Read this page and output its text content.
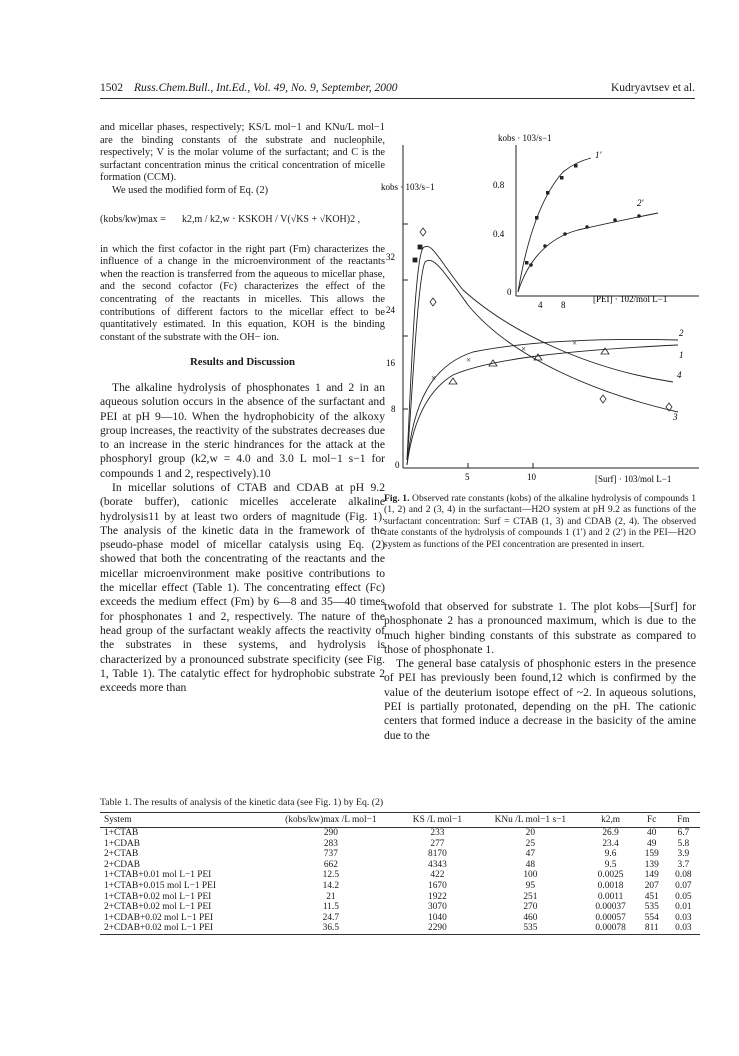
1502 Russ.Chem.Bull., Int.Ed., Vol. 49, No. 9, September, 2000	Kudryavtsev et al.

and micellar phases, respectively; KS/L mol−1 and KNu/L mol−1 are the binding constants of the substrate and nucleophile, respectively; V is the molar volume of the surfactant; and C is the surfactant concentration minus the critical concentration of micelle formation (CCM).

We used the modified form of Eq. (2)

(kobs/kw)max = k2,m / k2,w · KSKOH / V(√KS + √KOH)2 ,

in which the first cofactor in the right part (Fm) characterizes the influence of a change in the microenvironment of the reactants when the reaction is transferred from the aqueous to micellar phase, and the second cofactor (Fc) characterizes the effect of the concentrating of the reactants in micelles. This allows the contributions of different factors to the micellar effect to be quantitatively estimated. In this equation, KOH is the binding constant of the substrate with the OH− ion.

Results and Discussion

The alkaline hydrolysis of phosphonates 1 and 2 in an aqueous solution occurs in the absence of the surfactant and PEI at pH 9—10. When the hydrophobicity of the alkoxy group increases, the reactivity of the substrates decreases due to an increase in the steric hindrances for the attack at the phosphoryl group (k2,w = 4.0 and 3.0 L mol−1 s−1 for compounds 1 and 2, respectively).10

In micellar solutions of CTAB and CDAB at pH 9.2 (borate buffer), cationic micelles accelerate alkaline hydrolysis11 by at least two orders of magnitude (Fig. 1). The analysis of the kinetic data in the framework of the pseudo-phase model of micellar catalysis using Eq. (2) showed that both the concentrating of the reactants and the micellar microenvironment make positive contributions to the micellar effect (Table 1). The concentrating effect (Fc) exceeds the medium effect (Fm) by 6—8 and 35—40 times for phosphonates 1 and 2, respectively. The nature of the head group of the surfactant weakly affects the reactivity of the substrates in these systems, and hydrolysis is characterized by a pronounced substrate specificity (see Fig. 1, Table 1). The catalytic effect for hydrophobic substrate 2 exceeds more than

kobs · 103/s−1
[Surf] · 103/mol L−1
8
16
24
32
0
5	10
×
×
×
×
2
1
4
3
kobs · 103/s−1
[PEI] · 102/mol L−1
0.4
0.8
0
4 8
1′
2′
Fig. 1. Observed rate constants (kobs) of the alkaline hydrolysis of compounds 1 (1, 2) and 2 (3, 4) in the surfactant—H2O system at pH 9.2 as functions of the surfactant concentration: Surf = CTAB (1, 3) and CDAB (2, 4). The observed rate constants of the hydrolysis of compounds 1 (1′) and 2 (2′) in the PEI—H2O system as functions of the PEI concentration are presented in insert.

twofold that observed for substrate 1. The plot kobs—[Surf] for phosphonate 2 has a pronounced maximum, which is due to the much higher binding constants of this substrate as compared to those of phosphonate 1.

The general base catalysis of phosphonic esters in the presence of PEI has previously been found,12 which is confirmed by the value of the deuterium isotope effect of ~2. In aqueous solutions, PEI is partially protonated, depending on the pH. The cationic centers that formed induce a decrease in the basicity of the amine due to the

Table 1. The results of analysis of the kinetic data (see Fig. 1) by Eq. (2)
System	(kobs/kw)max /L mol−1	KS /L mol−1	KNu /L mol−1 s−1	k2,m	Fc	Fm
1+CTAB	290	233	20	26.9	40	6.7
1+CDAB	283	277	25	23.4	49	5.8
2+CTAB	737	8170	47	9.6	159	3.9
2+CDAB	662	4343	48	9.5	139	3.7
1+CTAB+0.01 mol L−1 PEI	12.5	422	100	0.0025	149	0.08
1+CTAB+0.015 mol L−1 PEI	14.2	1670	95	0.0018	207	0.07
1+CTAB+0.02 mol L−1 PEI	21	1922	251	0.0011	451	0.05
2+CTAB+0.02 mol L−1 PEI	11.5	3070	270	0.00037	535	0.01
1+CDAB+0.02 mol L−1 PEI	24.7	1040	460	0.00057	554	0.03
2+CDAB+0.02 mol L−1 PEI	36.5	2290	535	0.00078	811	0.03
